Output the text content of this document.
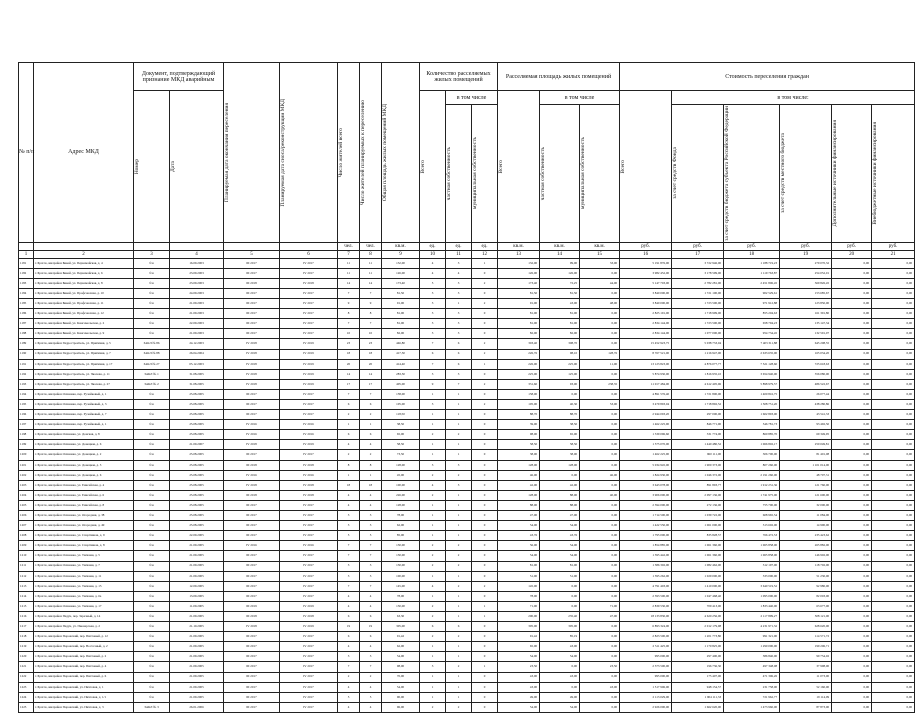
№ п/п	Адрес МКД	Документ, подтверждающий признание МКД аварийным		Планируемая дата окончания переселения	Планируемая дата сноса/реконструкции МКД	Число жителей всего	Число жителей планируемых к переселению	Общая площадь жилых помещений МКД	Количество расселяемых жилых помещений			Расселяемая площадь жилых помещений			Стоимость переселения граждан					

		Номер	Дата						Всего	в том числе		Всего	в том числе		Всего	в том числе:				

										частная собственность	муниципальная собственность		частная собственность	муниципальная собственность		за счет средств Фонда	за счет средств бюджета субъекта Российской Федерации	за счет средств местного бюджета	Дополнительные источники финансирования	Внебюджетные источники финансирования

						чел.	чел.	кв.м.	ед.	ед.	ед.	кв.м.	кв.м.	кв.м.	руб.	руб.	руб.	руб.	руб.	руб.
1	2	3	4	5	6	7	8	9	10	11	12	13	14	15	16	17	18	19	20	21
1181	г. Братск, жилрайон Бикей, ул. Первомайская, д. 4	б/н	16.09.2003	III 2017	IV 2017	11	11	132,00	4	3	1	132,00	99,00	33,00	5 191 876,00	3 722 946,00	1 188 719,23	279 070,32	0,00	0,00
1182	г. Братск, жилрайон Бикей, ул. Первомайская, д. 6	б/н	23.09.2003	III 2017	IV 2017	11	11	126,00	4	4	0	126,00	126,00	0,00	3 982 452,00	3 178 599,00	1 119 763,87	254 052,01	0,00	0,00
1183	г. Братск, жилрайон Бикей, ул. Первомайская, д. 8	б/н	23.09.2003	III 2018	IV 2018	14	14	173,40	5	3	2	173,40	72,25	44,00	5 147 703,00	2 782 281,00	2 451 806,45	369 826,45	0,00	0,00
1184	г. Братск, жилрайон Бикей, ул. Профсоюзная, д. 10	б/н	24.09.2003	III 2017	IV 2017	7	7	81,50	3	3	0	81,50	81,50	0,00	3 840 000,00	1 721 100,00	902 529,61	153 685,67	0,00	0,00
1185	г. Братск, жилрайон Бикей, ул. Профсоюзная, д. 11	б/н	21.09.2003	III 2017	IV 2017	9	9	91,00	3	1	2	91,00	43,00	48,00	3 840 000,00	1 723 500,00	971 912,88	123 850,00	0,00	0,00
1186	г. Братск, жилрайон Бикей, ул. Профсоюзная, д. 12	б/н	21.09.2003	III 2017	IV 2017	8	8	81,00	3	3	0	81,00	81,00	0,00	2 825 191,00	1 718 999,00	855 204,63	161 391,80	0,00	0,00
1187	г. Братск, жилрайон Бикей, ул. Комсомольская, д. 2	б/н	22.09.2003	III 2017	IV 2017	7	7	81,00	3	3	0	81,00	81,00	0,00	2 834 144,00	1 723 500,00	658 794,23	135 147,34	0,00	0,00
1188	г. Братск, жилрайон Бикей, ул. Комсомольская, д. 9	б/н	21.09.2003	III 2017	IV 2017	10	10	82,00	3	3	0	82,00	82,00	0,00	2 834 144,00	1 077 000,00	954 734,45	132 591,07	0,00	0,00
1189	г. Братск, жилрайон Гидростроитель, ул. Приёмная, д. 5	ЗАКЛ № 86	24.12.2003	IV 2018	IV 2019	23	23	446,80	7	6	2	303,40	308,70	0,00	15 452 923,75	5 038 733,04	7 403 311,88	645 208,55	0,00	0,00
1190	г. Братск, жилрайон Гидростроитель, ул. Приёмная, д. 7	ЗАКЛ № 88	26.04.2004	IV 2018	IV 2019	18	18	417,50	6	6	2	226,76	98,10	128,76	8 767 521,00	1 216 947,00	2 633 635,00	165 034,20	0,00	0,00
1191	г. Братск, жилрайон Гидростроитель, ул. Приёмная, д. 17	ЗАКЛ № 27	05.12.2003	IV 2018	IV 2019	20	20	414,40	7	6	1	226,00	225,00	11,00	13 123 823,00	4 876 077,77	7 521 128,60	725 618,63	0,00	0,00
1192	г. Братск, жилрайон Гидростроитель, ул. Чкалова, д. 11	ЗАКЛ № 1	31.08.2005	IV 2018	IV 2019	14	14	283,50	3	3	0	225,00	125,00	0,00	5 874 930,00	1 816 935,10	3 654 940,00	356 080,00	0,00	0,00
1193	г. Братск, жилрайон Гидростроитель, ул. Чкалова, д. 27	ЗАКЛ № 2	31.08.2005	IV 2018	IV 2019	17	17	405,00	9	7	2	331,60	93,00	238,35	11 017 484,00	4 612 405,96	5 898 979,57	486 522,67	0,00	0,00
1194	г. Братск, жилрайон Осиновка, пер. Ручейковый, д. 1	б/н	25.08.2005	III 2017	IV 2017	7	7	158,00	1	1	0	158,00	0,00	0,00	4 891 576,40	1 721 800,00	1 400 816,75	26 077,44	0,00	0,00
1195	г. Братск, жилрайон Осиновка, пер. Ручейковый, д. 3	б/н	25.08.2005	III 2017	IV 2017	6	6	105,00	3	1	2	105,00	40,30	53,00	3 479 893,04	1 718 892,52	1 508 751,20	438 280,86	0,00	0,00
1196	г. Братск, жилрайон Осиновка, пер. Ручейковый, д. 7	б/н	25.08.2005	III 2017	IV 2017	2	2	118,50	1	1	0	88,70	88,70	0,00	2 944 093,20	297 000,00	1 602 893,00	43 541,33	0,00	0,00
1197	г. Братск, жилрайон Осиновка, пер. Ручейковый, д. 1	б/н	25.08.2005	IV 2016	IV 2016	1	1	38,50	1	1	0	39,00	38,50	0,00	1 462 225,90	846 771,90	546 781,73	93 492,50	0,00	0,00
1198	г. Братск, жилрайон Осиновка, ул. Донская, д. 8	б/н	25.08.2005	IV 2016	IV 2016	6	6	65,00	2	2	0	98,00	65,00	0,00	1 339 096,60	331 774,00	860 885,70	69 349,95	0,00	0,00
1199	г. Братск, жилрайон Осиновка, ул. Донецкая, д. 6	б/н	21.09.2007	IV 2018	IV 2019	4	4	58,50	1	1	0	58,50	58,50	0,00	1 575 070,00	1 440 480,52	1 066 802,17	250 049,81	0,00	0,00
1200	г. Братск, жилрайон Осиновка, ул. Донецкая, д. 2	б/н	25.08.2005	III 2017	IV 2017	2	2	73,50	1	1	0	38,00	38,00	0,00	1 462 225,90	960 111,00	306 700,00	81 401,08	0,00	0,00
1201	г. Братск, жилрайон Осиновка, ул. Донецкая, д. 3	б/н	25.08.2005	III 2018	IV 2018	8	8	128,00	3	3	0	128,00	128,00	0,00	5 034 945,00	1 900 373,00	807 260,00	1 101 014,00	0,00	0,00
1202	г. Братск, жилрайон Осиновка, ул. Донецкая, д. 6	б/н	25.08.2005	IV 2016	IV 2016	1	1	45,00	2	2	0	46,00	0,00	46,00	1 824 930,00	1 046 372,00	2 191 260,00	48 707,31	0,00	0,00
1203	г. Братск, жилрайон Осиновка, ул. Енисейская, д. 4	б/н	25.08.2005	IV 2018	IV 2018	18	18	100,00	4	3	0	42,00	42,00	0,00	3 643 078,00	891 893,77	1 912 231,36	121 760,00	0,00	0,00
1204	г. Братск, жилрайон Осиновка, ул. Енисейская, д. 6	б/н	25.08.2005	III 2018	IV 2018	4	4	226,00	2	1	0	128,00	88,00	40,00	3 906 000,00	2 097 136,00	1 741 975,00	121 600,00	0,00	0,00
1205	г. Братск, жилрайон Осиновка, ул. Енисейская, д. 8	б/н	25.08.2005	III 2017	IV 2017	4	4	128,00	1	1	0	88,00	88,00	0,00	2 394 000,00	272 136,00	755 700,00	32 000,00	0,00	0,00
1206	г. Братск, жилрайон Осиновка, ул. Огородная, д. 38	б/н	25.08.2005	III 2017	IV 2017	3	3	78,00	1	1	0	47,00	47,00	0,00	1 714 500,00	1 039 722,00	608 965,54	11 084,00	0,00	0,00
1207	г. Братск, жилрайон Осиновка, ул. Огородная, д. 49	б/н	25.08.2005	III 2017	IV 2017	3	3	62,00	1	1	0	54,00	54,00	0,00	1 422 550,00	1 061 000,00	313 602,00	14 990,00	0,00	0,00
1208	г. Братск, жилрайон Осиновка, ул. Спортивная, д. 9	б/н	22.09.2005	III 2017	IV 2017	5	5	85,00	1	1	0	43,76	43,76	0,00	1 795 000,00	835 828,57	766 472,53	235 423,62	0,00	0,00
1209	г. Братск, жилрайон Осиновка, ул. Спортивная, д. 8	б/н	21.09.2005	IV 2016	IV 2016	7	7	130,00	2	2	0	56,00	54,00	0,00	1 854 885,00	1 061 360,00	1 065 858,00	265 882,00	0,00	0,00
1210	г. Братск, жилрайон Осиновка, ул. Таёжная, д. 5	б/н	21.09.2005	III 2017	IV 2017	7	7	130,00	2	2	0	54,00	54,00	0,00	1 395 442,00	1 061 360,00	1 065 858,00	146 902,00	0,00	0,00
1211	г. Братск, жилрайон Осиновка, ул. Таёжная, д. 7	б/н	21.09.2005	III 2017	IV 2017	3	3	130,00	2	2	0	81,00	81,00	0,00	1 386 302,00	1 082 462,00	312 197,00	118 702,00	0,00	0,00
1212	г. Братск, жилрайон Осиновка, ул. Таёжная, д. 11	б/н	21.09.2005	III 2017	IV 2017	3	3	100,00	1	1	0	51,00	51,00	0,00	1 395 262,00	1 029 000,00	333 000,00	51 230,00	0,00	0,00
1213	г. Братск, жилрайон Осиновка, ул. Таёжная, д. 15	б/н	12.09.2005	III 2017	IV 2017	7	7	145,00	4	2	2	145,00	0,00	0,00	4 791 403,00	1 410 000,00	3 640 519,52	92 980,00	0,00	0,00
1214	г. Братск, жилрайон Осиновка, ул. Таёжная, д. 6а	б/н	13.09.2005	III 2017	IV 2017	4	4	78,00	1	1	0	78,00	0,00	0,00	2 393 500,00	1 047 468,40	1 095 000,00	82 003,00	0,00	0,00
1215	г. Братск, жилрайон Осиновка, ул. Таёжная, д. 17	б/н	11.09.2005	III 2019	IV 2019	4	4	130,00	2	1	1	71,00	0,00	71,00	2 839 530,00	709 413,00	1 833 440,00	63 677,00	0,00	0,00
1216	г. Братск, жилрайон Падун, пер. Заречный, д. 14	б/н	21.09.2005	III 2018	IV 2018	6	6	63,30	2	1	1	200,00	235,40	47,00	18 133 830,00	4 620 256,00	2 117 899,27	508 121,00	0,00	0,00
1217	г. Братск, жилрайон Падун, ул. Пионерская, д. 2	б/н	21.10.2005	IV 2018	IV 2019	19	19	305,00	6	6	0	305,00	305,00	0,00	6 893 324,00	2 012 179,98	4 231 971,32	628 620,00	0,00	0,00
1218	г. Братск, жилрайон Порожский, пер. Пихтовый, д. 12	б/н	21.09.2005	III 2017	IV 2017	6	6	91,42	2	2	0	91,42	85,19	0,00	2 823 500,00	1 201 773,80	991 321,00	114 571,72	0,00	0,00
1219	г. Братск, жилрайон Порожский, пер. Восточный, д. 2	б/н	21.09.2005	III 2017	IV 2017	4	4	62,00	1	1	0	65,00	43,00	0,00	2 511 425,00	1 170 825,00	1 290 000,00	199 206,71	0,00	0,00
1220	г. Братск, жилрайон Порожский, пер. Пихтовый, д. 2	б/н	21.09.2005	III 2017	IV 2017	3	3	54,00	1	1	0	54,00	54,00	0,00	995 000,00	297 400,00	386 840,00	99 754,02	0,00	0,00
1221	г. Братск, жилрайон Порожский, пер. Пихтовый, д. 4	б/н	21.09.2005	III 2017	IV 2017	7	7	98,00	3	2	1	23,50	0,00	23,50	2 373 500,00	196 736,30	497 348,08	37 998,00	0,00	0,00
1222	г. Братск, жилрайон Порожский, пер. Пихтовый, д. 6	б/н	21.09.2005	III 2017	IV 2017	2	2	70,00	1	1	0	43,00	43,00	0,00	995 000,00	175 407,00	471 306,26	11 073,00	0,00	0,00
1223	г. Братск, жилрайон Порожский, ул. Пихтовая, д. 1	б/н	21.09.2005	III 2017	IV 2017	4	4	54,00	1	1	0	43,00	0,00	43,00	1 517 906,00	948 154,57	231 758,00	52 160,00	0,00	0,00
1224	г. Братск, жилрайон Порожский, ул. Пихтовая, д. 1/1	б/н	21.09.2005	III 2017	IV 2017	5	5	90,00	1	1	0	49,00	49,00	0,00	2 113 029,00	1 904 111,33	721 962,77	19 114,09	0,00	0,00
1225	г. Братск, жилрайон Порожский, ул. Пихтовая, д. 3	ЗАКЛ № 3	26.01.2006	III 2017	IV 2017	4	4	96,00	2	2	0	54,00	54,00	0,00	2 926 000,00	1 662 620,00	1 473 960,00	87 873,00	0,00	0,00
